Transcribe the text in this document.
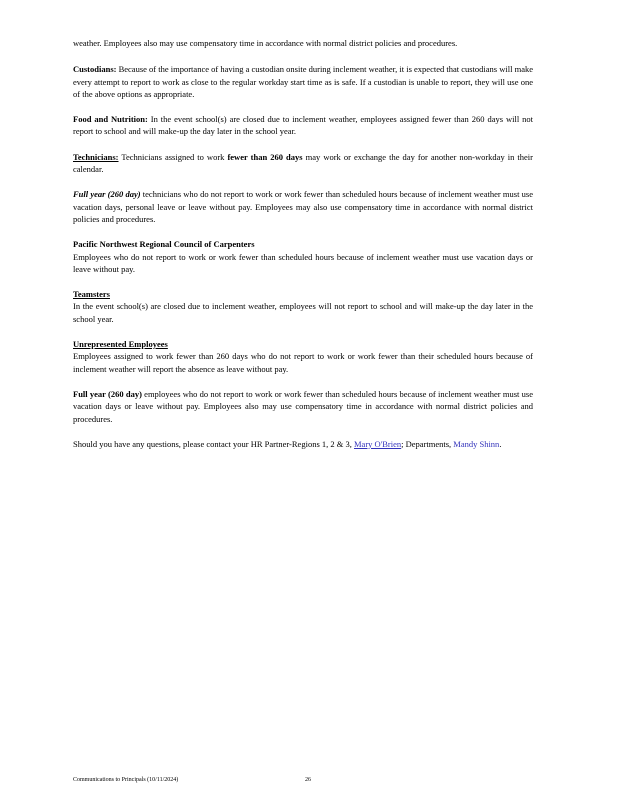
weather. Employees also may use compensatory time in accordance with normal district policies and procedures.

Custodians: Because of the importance of having a custodian onsite during inclement weather, it is expected that custodians will make every attempt to report to work as close to the regular workday start time as is safe. If a custodian is unable to report, they will use one of the above options as appropriate.

Food and Nutrition: In the event school(s) are closed due to inclement weather, employees assigned fewer than 260 days will not report to school and will make-up the day later in the school year.

Technicians: Technicians assigned to work fewer than 260 days may work or exchange the day for another non-workday in their calendar.

Full year (260 day) technicians who do not report to work or work fewer than scheduled hours because of inclement weather must use vacation days, personal leave or leave without pay. Employees may also use compensatory time in accordance with normal district policies and procedures.

Pacific Northwest Regional Council of Carpenters
Employees who do not report to work or work fewer than scheduled hours because of inclement weather must use vacation days or leave without pay.
Teamsters
In the event school(s) are closed due to inclement weather, employees will not report to school and will make-up the day later in the school year.
Unrepresented Employees
Employees assigned to work fewer than 260 days who do not report to work or work fewer than their scheduled hours because of inclement weather will report the absence as leave without pay.

Full year (260 day) employees who do not report to work or work fewer than scheduled hours because of inclement weather must use vacation days or leave without pay. Employees also may use compensatory time in accordance with normal district policies and procedures.

Should you have any questions, please contact your HR Partner-Regions 1, 2 & 3, Mary O'Brien; Departments, Mandy Shinn.

Communications to Principals (10/11/2024)	26
